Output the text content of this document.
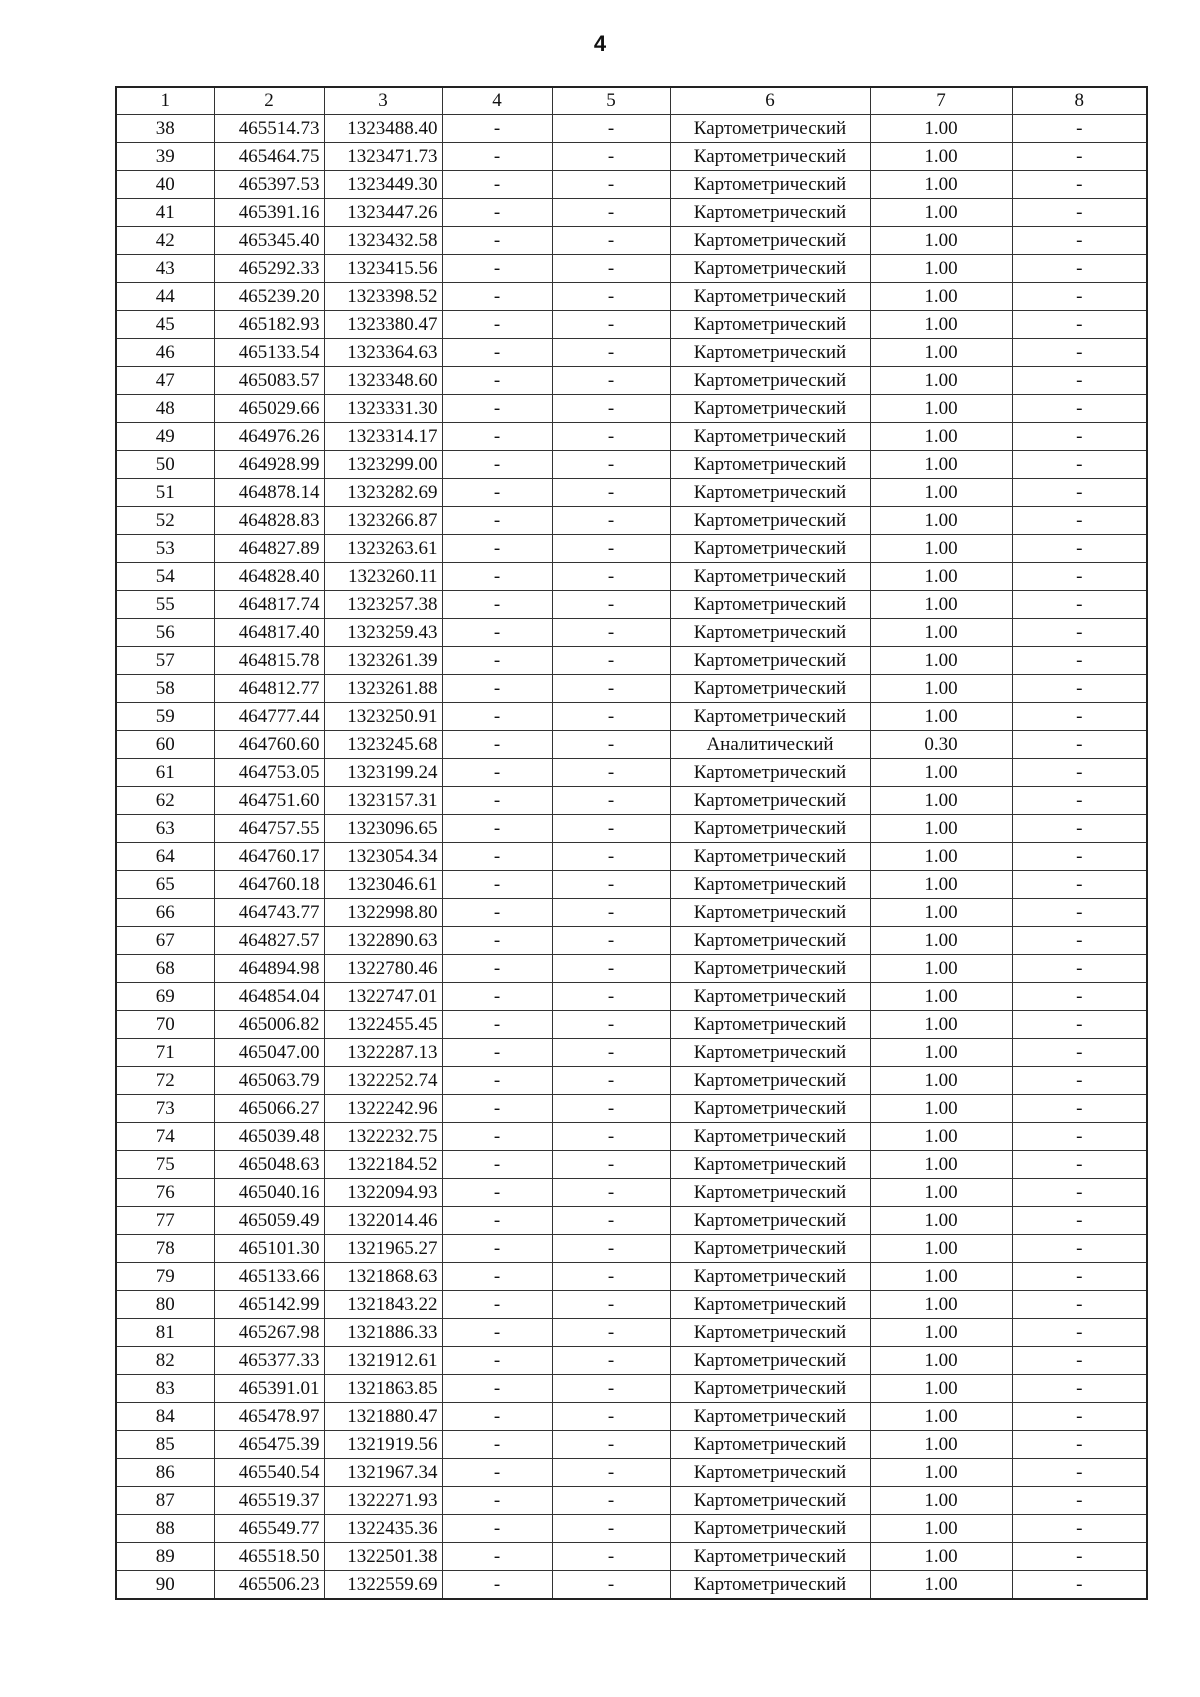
4
1	2	3	4	5	6	7	8
38	465514.73	1323488.40	-	-	Картометрический	1.00	-
39	465464.75	1323471.73	-	-	Картометрический	1.00	-
40	465397.53	1323449.30	-	-	Картометрический	1.00	-
41	465391.16	1323447.26	-	-	Картометрический	1.00	-
42	465345.40	1323432.58	-	-	Картометрический	1.00	-
43	465292.33	1323415.56	-	-	Картометрический	1.00	-
44	465239.20	1323398.52	-	-	Картометрический	1.00	-
45	465182.93	1323380.47	-	-	Картометрический	1.00	-
46	465133.54	1323364.63	-	-	Картометрический	1.00	-
47	465083.57	1323348.60	-	-	Картометрический	1.00	-
48	465029.66	1323331.30	-	-	Картометрический	1.00	-
49	464976.26	1323314.17	-	-	Картометрический	1.00	-
50	464928.99	1323299.00	-	-	Картометрический	1.00	-
51	464878.14	1323282.69	-	-	Картометрический	1.00	-
52	464828.83	1323266.87	-	-	Картометрический	1.00	-
53	464827.89	1323263.61	-	-	Картометрический	1.00	-
54	464828.40	1323260.11	-	-	Картометрический	1.00	-
55	464817.74	1323257.38	-	-	Картометрический	1.00	-
56	464817.40	1323259.43	-	-	Картометрический	1.00	-
57	464815.78	1323261.39	-	-	Картометрический	1.00	-
58	464812.77	1323261.88	-	-	Картометрический	1.00	-
59	464777.44	1323250.91	-	-	Картометрический	1.00	-
60	464760.60	1323245.68	-	-	Аналитический	0.30	-
61	464753.05	1323199.24	-	-	Картометрический	1.00	-
62	464751.60	1323157.31	-	-	Картометрический	1.00	-
63	464757.55	1323096.65	-	-	Картометрический	1.00	-
64	464760.17	1323054.34	-	-	Картометрический	1.00	-
65	464760.18	1323046.61	-	-	Картометрический	1.00	-
66	464743.77	1322998.80	-	-	Картометрический	1.00	-
67	464827.57	1322890.63	-	-	Картометрический	1.00	-
68	464894.98	1322780.46	-	-	Картометрический	1.00	-
69	464854.04	1322747.01	-	-	Картометрический	1.00	-
70	465006.82	1322455.45	-	-	Картометрический	1.00	-
71	465047.00	1322287.13	-	-	Картометрический	1.00	-
72	465063.79	1322252.74	-	-	Картометрический	1.00	-
73	465066.27	1322242.96	-	-	Картометрический	1.00	-
74	465039.48	1322232.75	-	-	Картометрический	1.00	-
75	465048.63	1322184.52	-	-	Картометрический	1.00	-
76	465040.16	1322094.93	-	-	Картометрический	1.00	-
77	465059.49	1322014.46	-	-	Картометрический	1.00	-
78	465101.30	1321965.27	-	-	Картометрический	1.00	-
79	465133.66	1321868.63	-	-	Картометрический	1.00	-
80	465142.99	1321843.22	-	-	Картометрический	1.00	-
81	465267.98	1321886.33	-	-	Картометрический	1.00	-
82	465377.33	1321912.61	-	-	Картометрический	1.00	-
83	465391.01	1321863.85	-	-	Картометрический	1.00	-
84	465478.97	1321880.47	-	-	Картометрический	1.00	-
85	465475.39	1321919.56	-	-	Картометрический	1.00	-
86	465540.54	1321967.34	-	-	Картометрический	1.00	-
87	465519.37	1322271.93	-	-	Картометрический	1.00	-
88	465549.77	1322435.36	-	-	Картометрический	1.00	-
89	465518.50	1322501.38	-	-	Картометрический	1.00	-
90	465506.23	1322559.69	-	-	Картометрический	1.00	-
